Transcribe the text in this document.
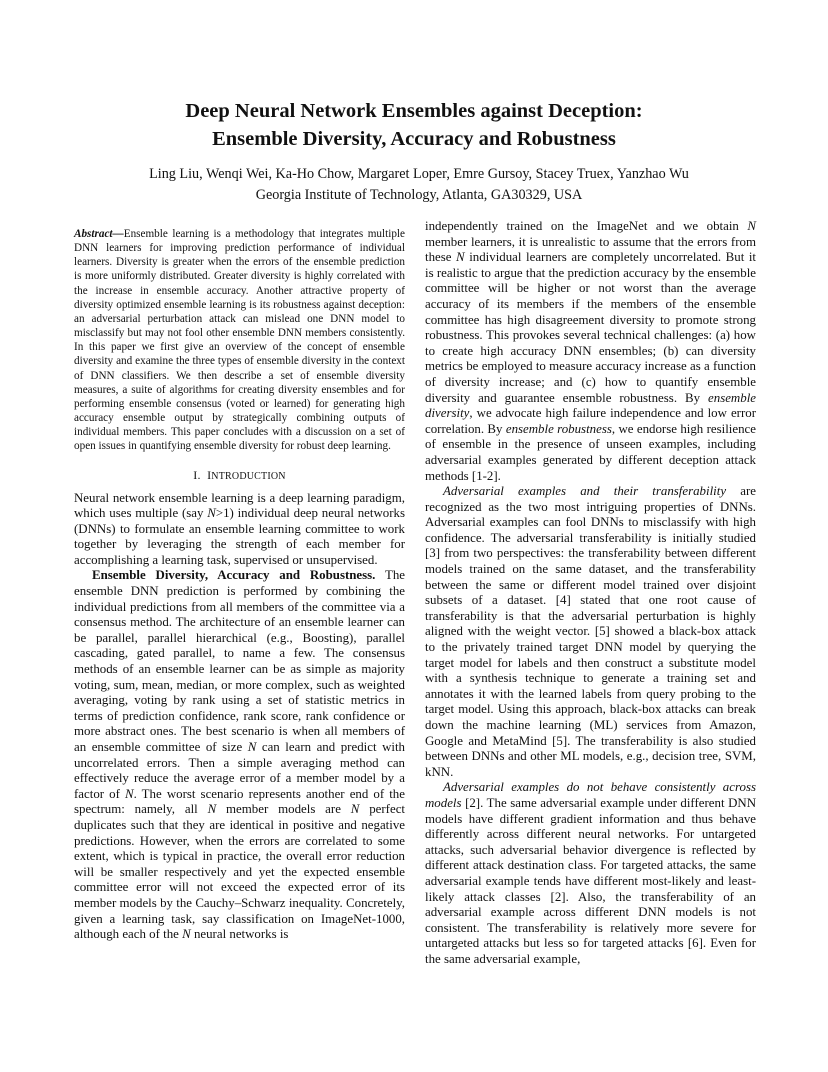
Deep Neural Network Ensembles against Deception:
Ensemble Diversity, Accuracy and Robustness
Ling Liu, Wenqi Wei, Ka-Ho Chow, Margaret Loper, Emre Gursoy, Stacey Truex, Yanzhao Wu
Georgia Institute of Technology, Atlanta, GA30329, USA

Abstract—Ensemble learning is a methodology that integrates multiple DNN learners for improving prediction performance of individual learners. Diversity is greater when the errors of the ensemble prediction is more uniformly distributed. Greater diversity is highly correlated with the increase in ensemble accuracy. Another attractive property of diversity optimized ensemble learning is its robustness against deception: an adversarial perturbation attack can mislead one DNN model to misclassify but may not fool other ensemble DNN members consistently. In this paper we first give an overview of the concept of ensemble diversity and examine the three types of ensemble diversity in the context of DNN classifiers. We then describe a set of ensemble diversity measures, a suite of algorithms for creating diversity ensembles and for performing ensemble consensus (voted or learned) for generating high accuracy ensemble output by strategically combining outputs of individual members. This paper concludes with a discussion on a set of open issues in quantifying ensemble diversity for robust deep learning.

I. INTRODUCTION

Neural network ensemble learning is a deep learning paradigm, which uses multiple (say N>1) individual deep neural networks (DNNs) to formulate an ensemble learning committee to work together by leveraging the strength of each member for accomplishing a learning task, supervised or unsupervised.

Ensemble Diversity, Accuracy and Robustness. The ensemble DNN prediction is performed by combining the individual predictions from all members of the committee via a consensus method. The architecture of an ensemble learner can be parallel, parallel hierarchical (e.g., Boosting), parallel cascading, gated parallel, to name a few. The consensus methods of an ensemble learner can be as simple as majority voting, sum, mean, median, or more complex, such as weighted averaging, voting by rank using a set of statistic metrics in terms of prediction confidence, rank score, rank confidence or more abstract ones. The best scenario is when all members of an ensemble committee of size N can learn and predict with uncorrelated errors. Then a simple averaging method can effectively reduce the average error of a member model by a factor of N. The worst scenario represents another end of the spectrum: namely, all N member models are N perfect duplicates such that they are identical in positive and negative predictions. However, when the errors are correlated to some extent, which is typical in practice, the overall error reduction will be smaller respectively and yet the expected ensemble committee error will not exceed the expected error of its member models by the Cauchy–Schwarz inequality. Concretely, given a learning task, say classification on ImageNet-1000, although each of the N neural networks is

independently trained on the ImageNet and we obtain N member learners, it is unrealistic to assume that the errors from these N individual learners are completely uncorrelated. But it is realistic to argue that the prediction accuracy by the ensemble committee will be higher or not worst than the average accuracy of its members if the members of the ensemble committee has high disagreement diversity to promote strong robustness. This provokes several technical challenges: (a) how to create high accuracy DNN ensembles; (b) can diversity metrics be employed to measure accuracy increase as a function of diversity increase; and (c) how to quantify ensemble diversity and guarantee ensemble robustness. By ensemble diversity, we advocate high failure independence and low error correlation. By ensemble robustness, we endorse high resilience of ensemble in the presence of unseen examples, including adversarial examples generated by different deception attack methods [1-2].

Adversarial examples and their transferability are recognized as the two most intriguing properties of DNNs. Adversarial examples can fool DNNs to misclassify with high confidence. The adversarial transferability is initially studied [3] from two perspectives: the transferability between different models trained on the same dataset, and the transferability between the same or different model trained over disjoint subsets of a dataset. [4] stated that one root cause of transferability is that the adversarial perturbation is highly aligned with the weight vector. [5] showed a black-box attack to the privately trained target DNN model by querying the target model for labels and then construct a substitute model with a synthesis technique to generate a training set and annotates it with the learned labels from query probing to the target model. Using this approach, black-box attacks can break down the machine learning (ML) services from Amazon, Google and MetaMind [5]. The transferability is also studied between DNNs and other ML models, e.g., decision tree, SVM, kNN.

Adversarial examples do not behave consistently across models [2]. The same adversarial example under different DNN models have different gradient information and thus behave differently across different neural networks. For untargeted attacks, such adversarial behavior divergence is reflected by different attack destination class. For targeted attacks, the same adversarial example tends have different most-likely and least-likely attack classes [2]. Also, the transferability of an adversarial example across different DNN models is not consistent. The transferability is relatively more severe for untargeted attacks but less so for targeted attacks [6]. Even for the same adversarial example,
